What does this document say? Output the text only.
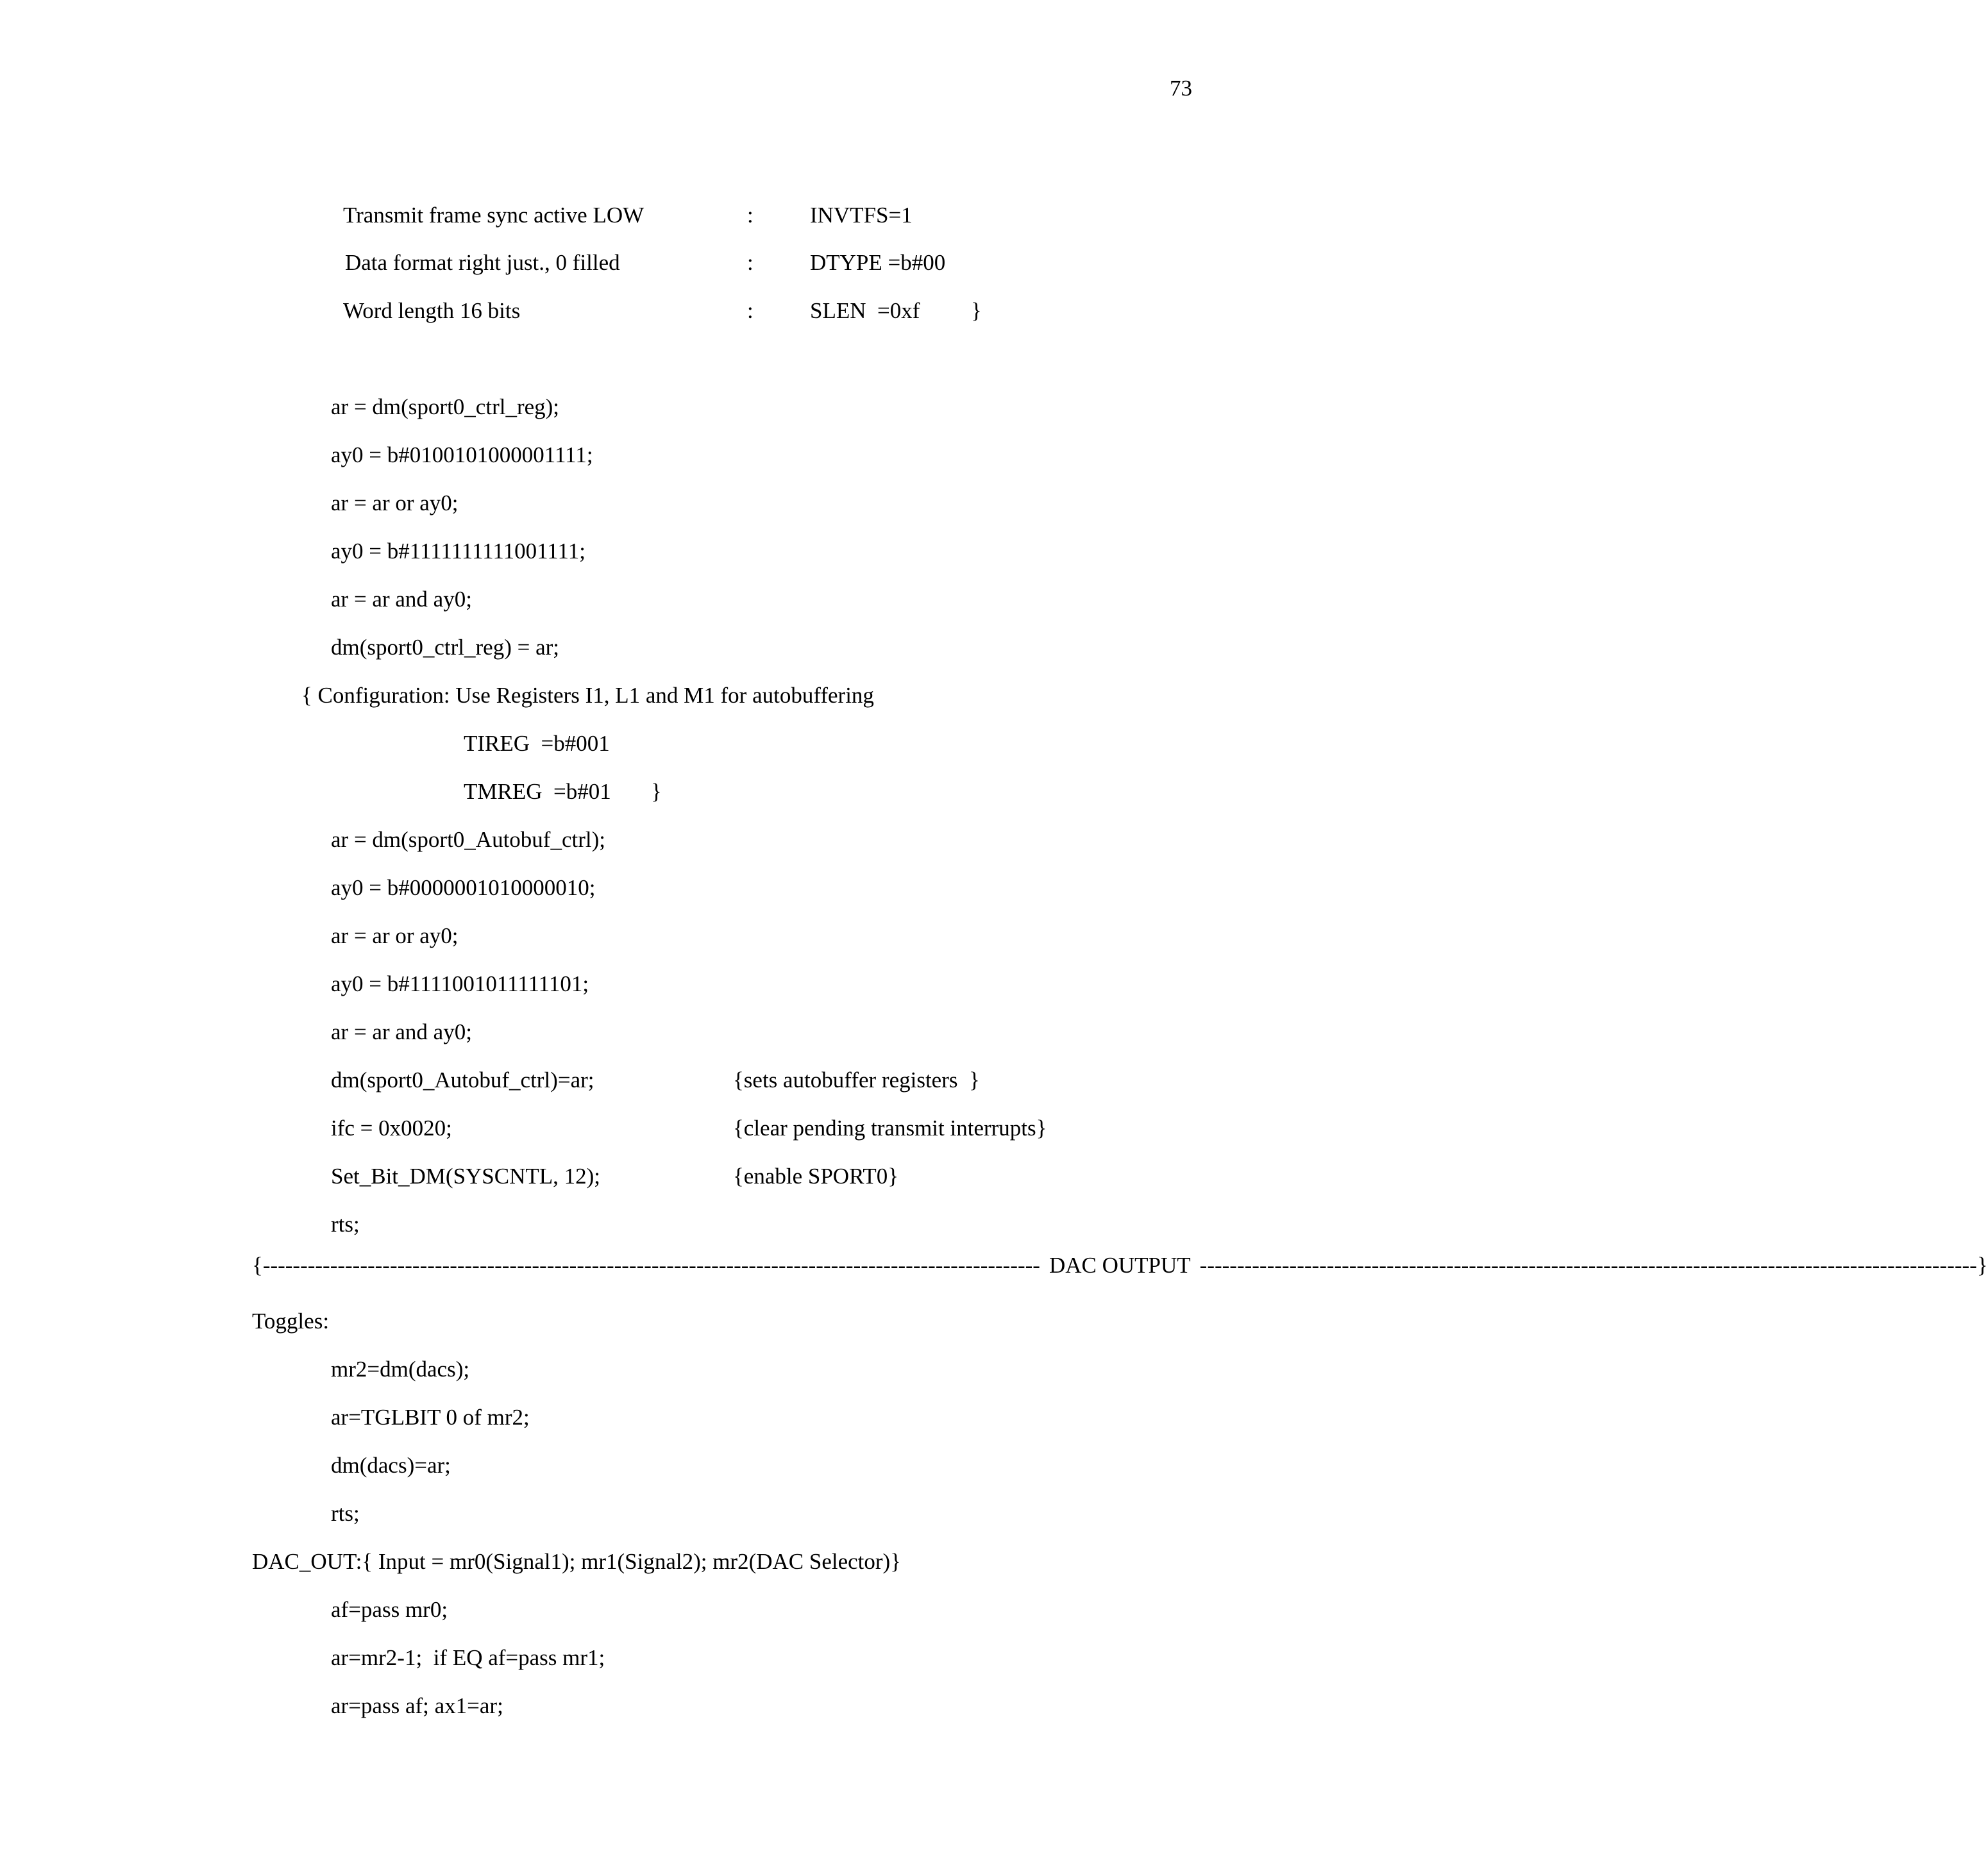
73
Transmit frame sync active LOW	:	INVTFS=1
Data format right just., 0 filled	:	DTYPE =b#00
Word length 16 bits	:	SLEN  =0xf }
ar = dm(sport0_ctrl_reg);
ay0 = b#0100101000001111;
ar = ar or ay0;
ay0 = b#1111111111001111;
ar = ar and ay0;
dm(sport0_ctrl_reg) = ar;
{ Configuration: Use Registers I1, L1 and M1 for autobuffering
TIREG  =b#001
TMREG  =b#01 }
ar = dm(sport0_Autobuf_ctrl);
ay0 = b#0000001010000010;
ar = ar or ay0;
ay0 = b#1111001011111101;
ar = ar and ay0;
dm(sport0_Autobuf_ctrl)=ar;	{sets autobuffer registers  }
ifc = 0x0020;	{clear pending transmit interrupts}
Set_Bit_DM(SYSCNTL, 12);	{enable SPORT0}
rts;
{ -------------------------------------------------------------------------------------------------------- DAC OUTPUT -------------------------------------------------------------------------------------------------------- }
Toggles:
mr2=dm(dacs);
ar=TGLBIT 0 of mr2;
dm(dacs)=ar;
rts;
DAC_OUT:{ Input = mr0(Signal1); mr1(Signal2); mr2(DAC Selector)}
af=pass mr0;
ar=mr2-1;  if EQ af=pass mr1;
ar=pass af; ax1=ar;
